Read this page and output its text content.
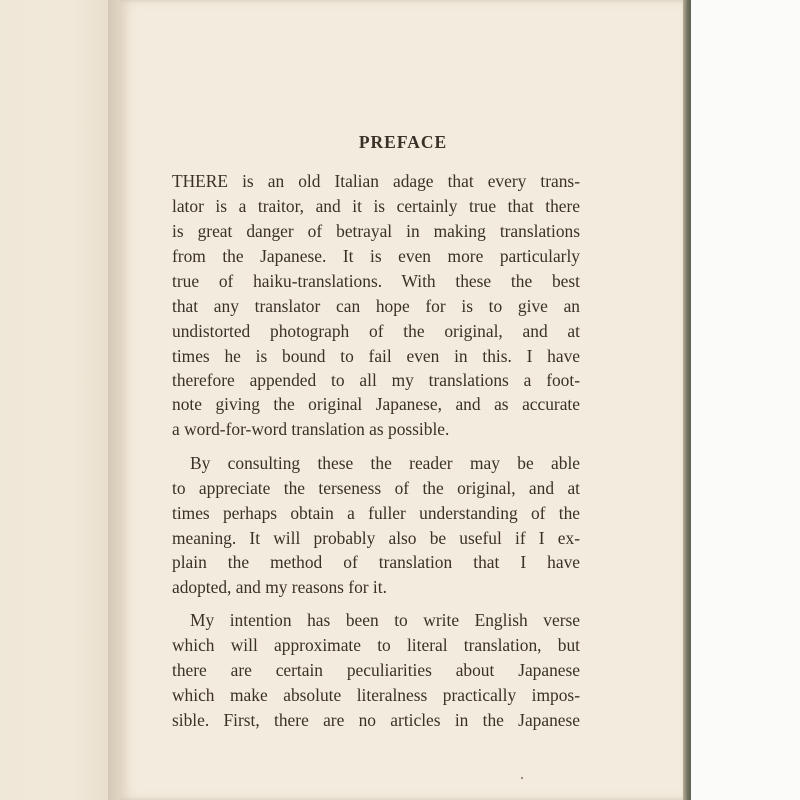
PREFACE
THERE is an old Italian adage that every trans-
lator is a traitor, and it is certainly true that there
is great danger of betrayal in making translations
from the Japanese. It is even more particularly
true of haiku-translations. With these the best
that any translator can hope for is to give an
undistorted photograph of the original, and at
times he is bound to fail even in this. I have
therefore appended to all my translations a foot-
note giving the original Japanese, and as accurate
a word-for-word translation as possible.
By consulting these the reader may be able
to appreciate the terseness of the original, and at
times perhaps obtain a fuller understanding of the
meaning. It will probably also be useful if I ex-
plain the method of translation that I have
adopted, and my reasons for it.
My intention has been to write English verse
which will approximate to literal translation, but
there are certain peculiarities about Japanese
which make absolute literalness practically impos-
sible. First, there are no articles in the Japanese
